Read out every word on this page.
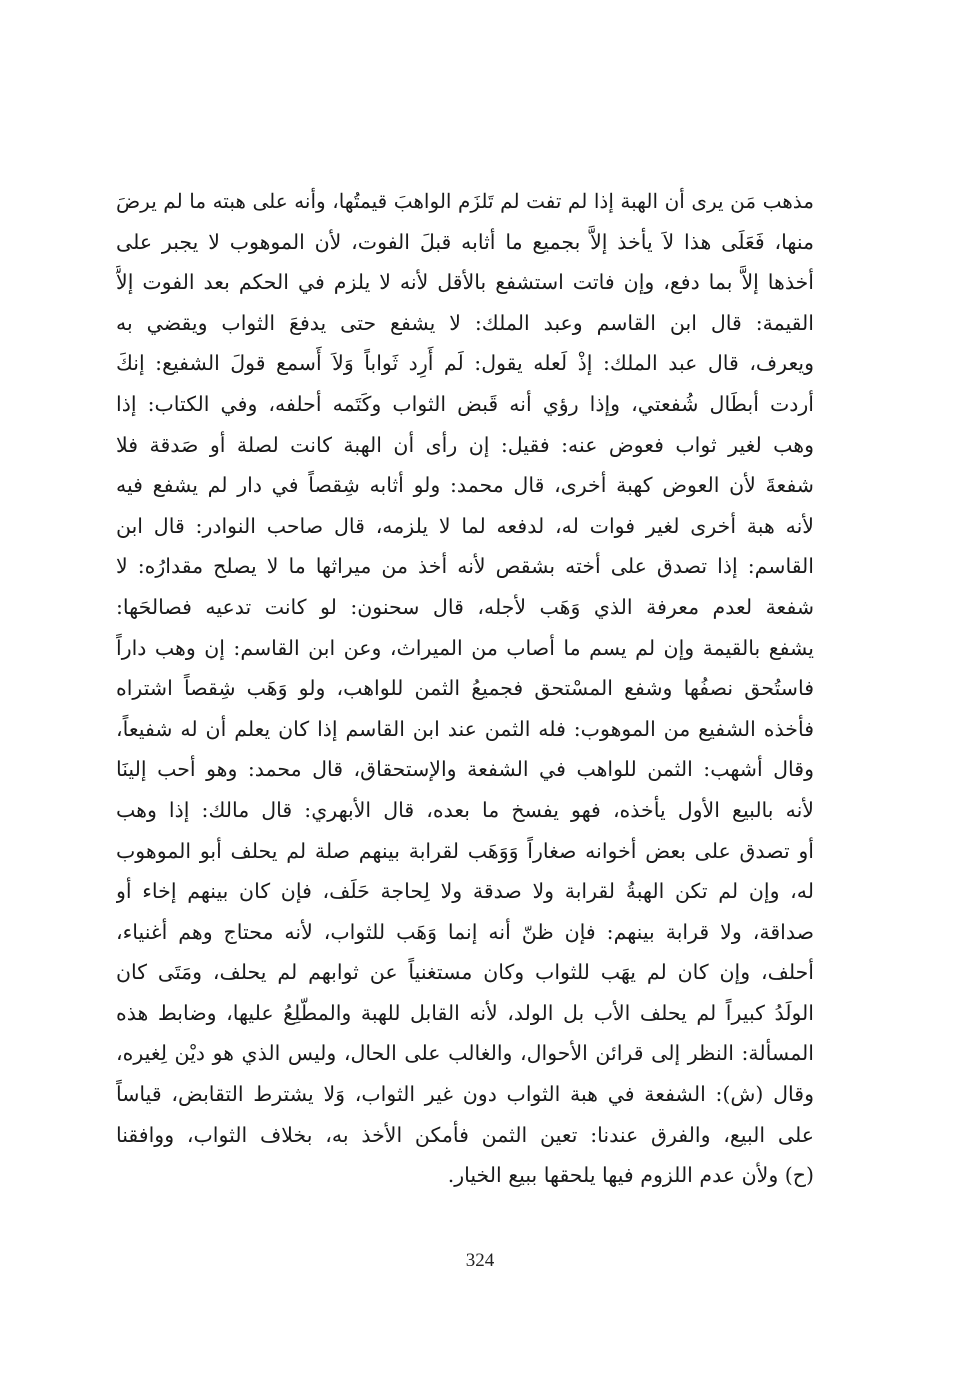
مذهب مَن يرى أن الهبة إذا لم تفت لم تَلزَم الواهبَ قيمتُها، وأنه على هبته ما لم يرضَ
منها، فَعَلَى هذا لاَ يأخذ إلاَّ بجميع ما أثابه قبلَ الفوت، لأن الموهوب لا يجبر على
أخذها إلاَّ بما دفع، وإن فاتت استشفع بالأقل لأنه لا يلزم في الحكم بعد الفوت إلاَّ
القيمة: قال ابن القاسم وعبد الملك: لا يشفع حتى يدفعَ الثواب ويقضي به
ويعرف، قال عبد الملك: إذْ لَعله يقول: لَم أَرِد ثَواباً وَلاَ أَسمع قولَ الشفيع: إنكَ
أردت أبطَال شُفعتي، وإذا رؤي أنه قَبض الثواب وكَتَمه أحلفه، وفي الكتاب: إذا
وهب لغير ثواب فعوض عنه: فقيل: إن رأى أن الهبة كانت لصلة أو صَدقة فلا
شفعةَ لأن العوض كهبة أخرى، قال محمد: ولو أثابه شِقصاً في دار لم يشفع فيه
لأنه هبة أخرى لغير فوات له، لدفعه لما لا يلزمه، قال صاحب النوادر: قال ابن
القاسم: إذا تصدق على أخته بشقص لأنه أخذ من ميراثها ما لا يصلح مقدارُه: لا
شفعة لعدم معرفة الذي وَهَب لأجله، قال سحنون: لو كانت تدعيه فصالحَها:
يشفع بالقيمة وإن لم يسم ما أصاب من الميراث، وعن ابن القاسم: إن وهب داراً
فاستُحق نصفُها وشفع المسْتحق فجميعُ الثمن للواهب، ولو وَهَب شِقصاً اشتراه
فأخذه الشفيع من الموهوب: فله الثمن عند ابن القاسم إذا كان يعلم أن له شفيعاً،
وقال أشهب: الثمن للواهب في الشفعة والإستحقاق، قال محمد: وهو أحب إلينَا
لأنه بالبيع الأول يأخذه، فهو يفسخ ما بعده، قال الأبهري: قال مالك: إذا وهب
أو تصدق على بعض أخوانه صغاراً وَوَهَب لقرابة بينهم صلة لم يحلف أبو الموهوب
له، وإن لم تكن الهبةُ لقرابة ولا صدقة ولا لِحاجة حَلَف، فإن كان بينهم إخاء أو
صداقة، ولا قرابة بينهم: فإن ظنّ أنه إنما وَهَب للثواب، لأنه محتاج وهم أغنياء،
أحلف، وإن كان لم يهَب للثواب وكان مستغنياً عن ثوابهم لم يحلف، ومَتَى كان
الولَدُ كبيراً لم يحلف الأب بل الولد، لأنه القابل للهبة والمطّلِعُ عليها، وضابط هذه
المسألة: النظر إلى قرائن الأحوال، والغالب على الحال، وليس الذي هو ديْن لِغيره،
وقال (ش): الشفعة في هبة الثواب دون غير الثواب، وَلا يشترط التقابض، قياساً
على البيع، والفرق عندنا: تعين الثمن فأمكن الأخذ به، بخلاف الثواب، ووافقنا
(ح) ولأن عدم اللزوم فيها يلحقها ببيع الخيار.
324
